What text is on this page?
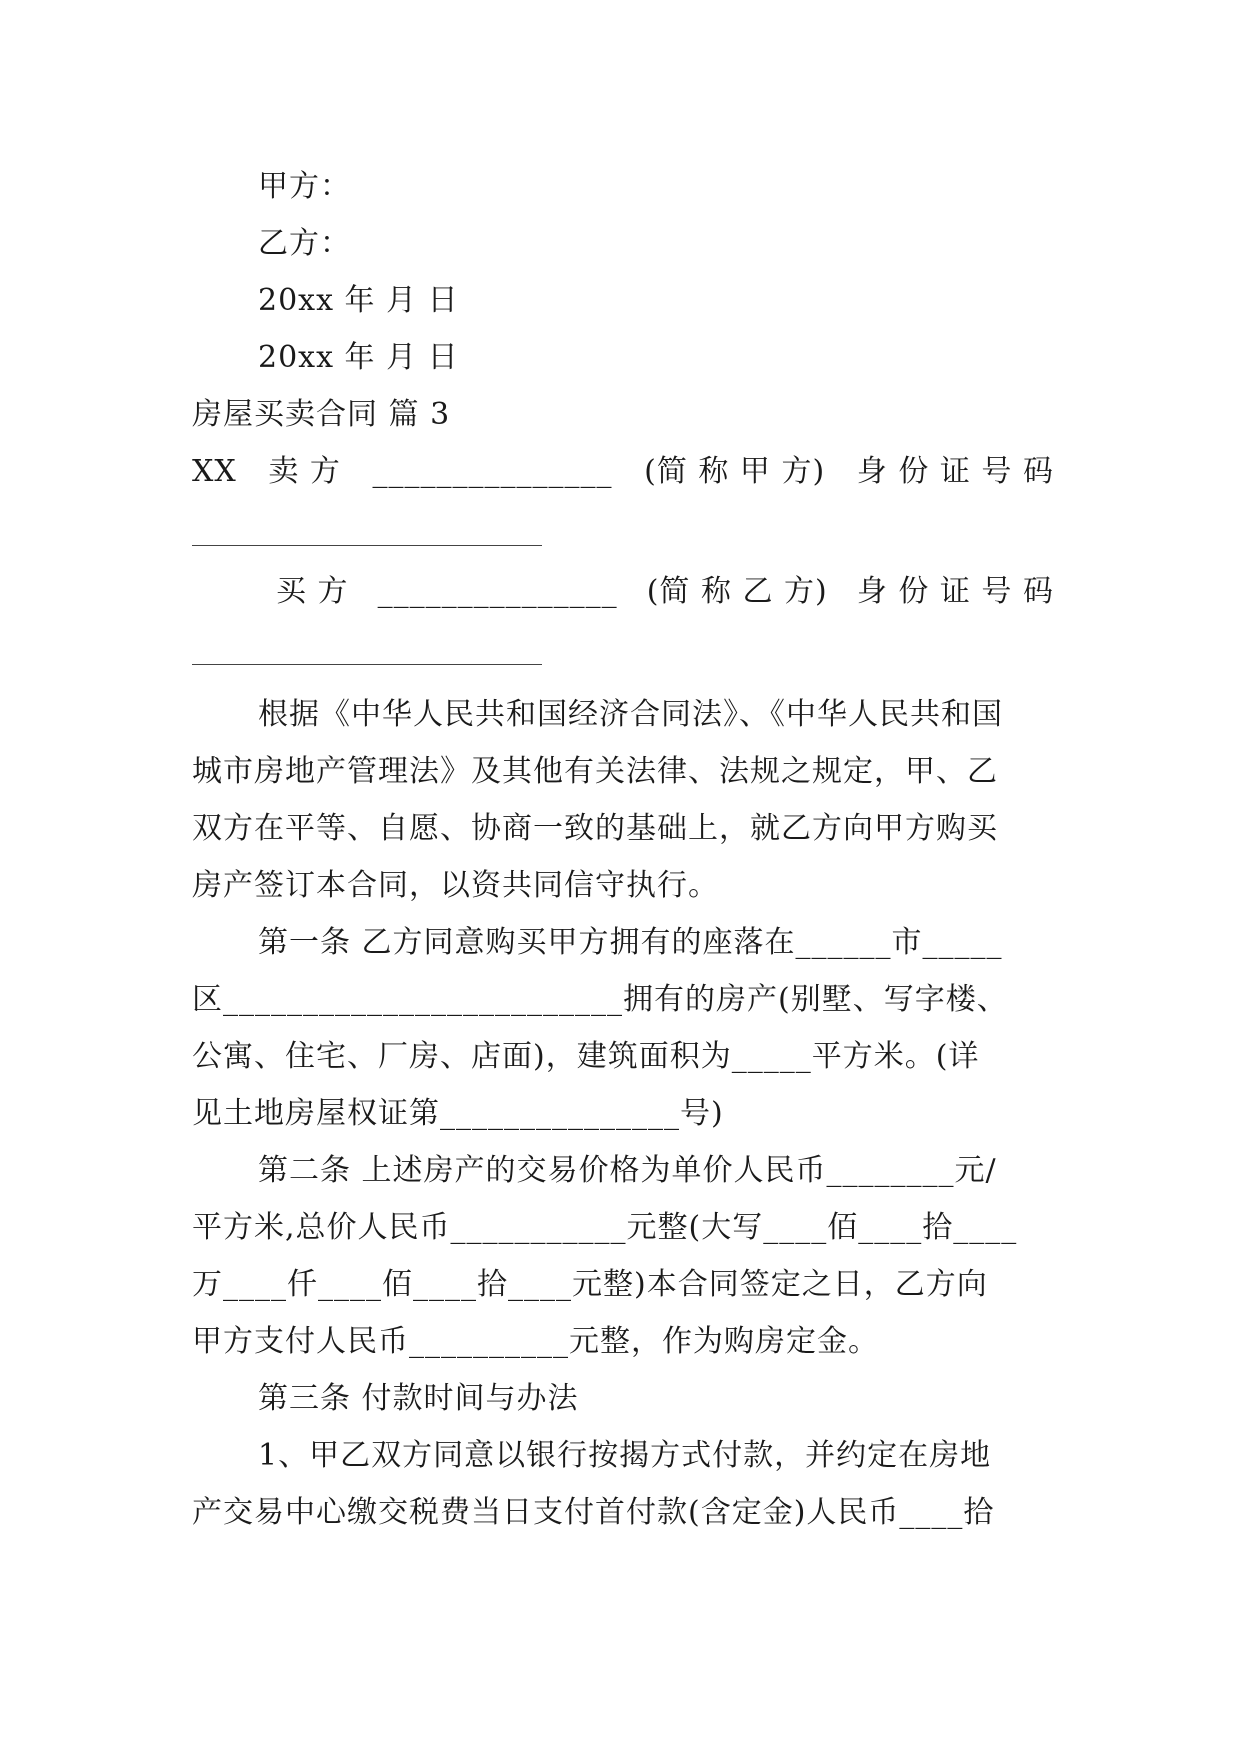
甲方：
乙方：
20xx 年 月 日
20xx 年 月 日
房屋买卖合同 篇 3
XX 卖 方 _______________ (简 称 甲 方) 身 份 证 号 码
买 方 _______________ (简 称 乙 方) 身 份 证 号 码
根据《中华人民共和国经济合同法》、《中华人民共和国
城市房地产管理法》及其他有关法律、法规之规定，甲、乙
双方在平等、自愿、协商一致的基础上，就乙方向甲方购买
房产签订本合同，以资共同信守执行。
第一条 乙方同意购买甲方拥有的座落在______市_____
区_________________________拥有的房产(别墅、写字楼、
公寓、住宅、厂房、店面)，建筑面积为_____平方米。(详
见土地房屋权证第_______________号)
第二条 上述房产的交易价格为单价人民币________元/
平方米,总价人民币___________元整(大写____佰____拾____
万____仟____佰____拾____元整)本合同签定之日，乙方向
甲方支付人民币__________元整，作为购房定金。
第三条 付款时间与办法
1、甲乙双方同意以银行按揭方式付款，并约定在房地
产交易中心缴交税费当日支付首付款(含定金)人民币____拾
